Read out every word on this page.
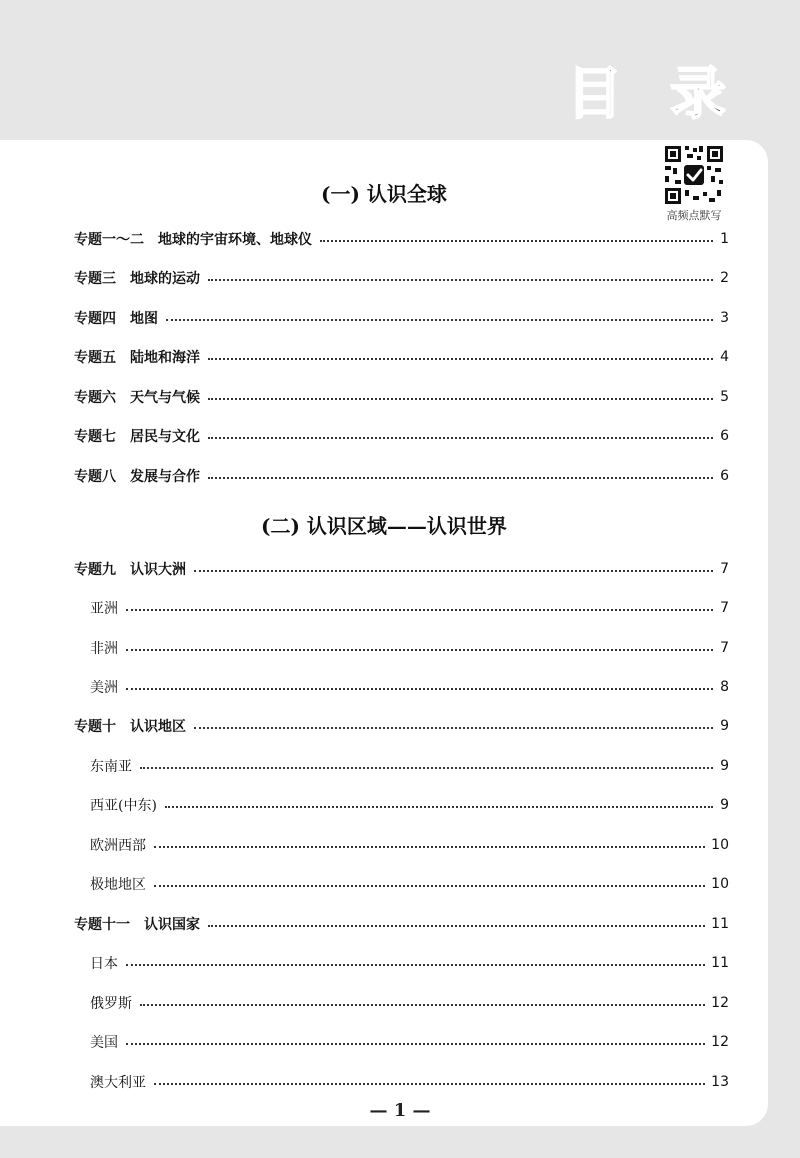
目 录
高频点默写
(一) 认识全球
专题一～二　地球的宇宙环境、地球仪	1
专题三　地球的运动	2
专题四　地图	3
专题五　陆地和海洋	4
专题六　天气与气候	5
专题七　居民与文化	6
专题八　发展与合作	6
(二) 认识区域——认识世界
专题九　认识大洲	7
亚洲	7
非洲	7
美洲	8
专题十　认识地区	9
东南亚	9
西亚(中东)	9
欧洲西部	10
极地地区	10
专题十一　认识国家	11
日本	11
俄罗斯	12
美国	12
澳大利亚	13
— 1 —
